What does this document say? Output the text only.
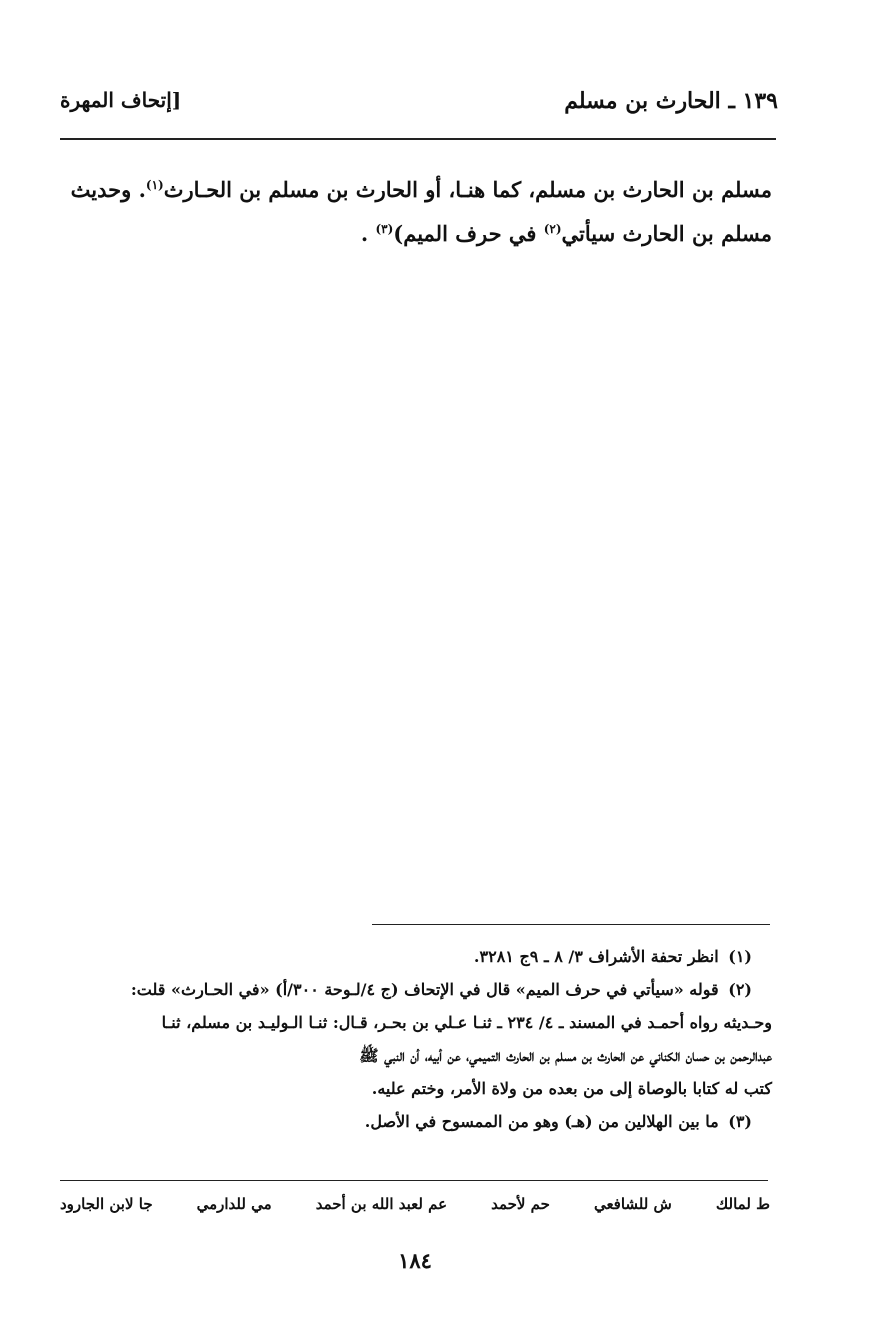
١٣٩ ـ الحارث بن مسلم
[إتحاف المهرة

مسلم بن الحارث بن مسلم، كما هنـا، أو الحارث بن مسلم بن الحـارث$^{(١)}$. وحديث

مسلم بن الحارث سيأتي$^{(٢)}$ في حرف الميم)$^{(٣)}$ .

(١) انظر تحفة الأشراف ٣/ ٨ ـ ٩ج ٣٢٨١.

(٢) قوله «سيأتي في حرف الميم» قال في الإتحاف (ج ٤/لـوحة ٣٠٠/أ) «في الحـارث» قلت:

وحـديثه رواه أحمـد في المسند ـ ٤/ ٢٣٤ ـ ثنـا عـلي بن بحـر، قـال: ثنـا الـوليـد بن مسلم، ثنـا

عبدالرحمن بن حسان الكناني عن الحارث بن مسلم بن الحارث التميمي، عن أبيه، أن النبي ﷺ

كتب له كتابا بالوصاة إلى من بعده من ولاة الأمر، وختم عليه.

(٣) ما بين الهلالين من (هـ) وهو من الممسوح في الأصل.

ط لمالك
ش للشافعي
حم لأحمد
عم لعبد الله بن أحمد
مي للدارمي
جا لابن الجارود
١٨٤
